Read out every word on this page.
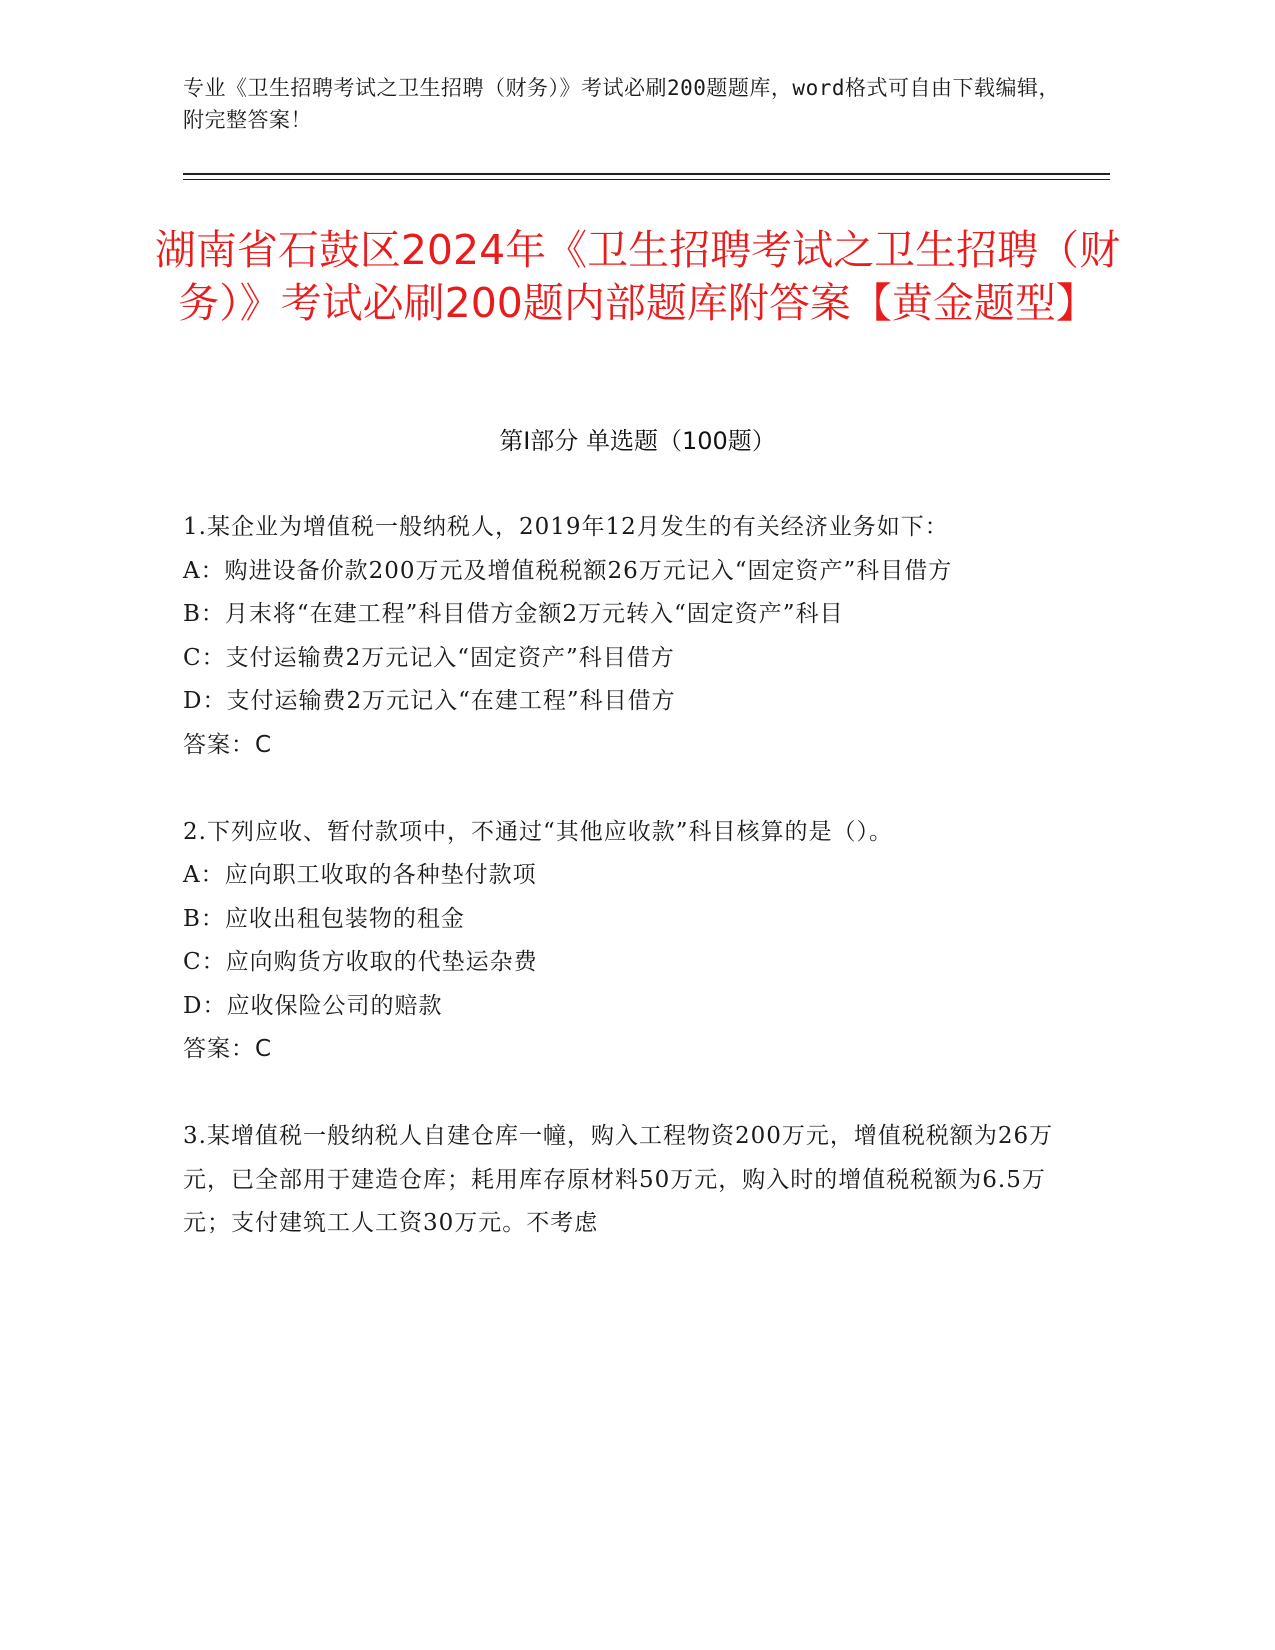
专业《卫生招聘考试之卫生招聘（财务）》考试必刷200题题库，word格式可自由下载编辑，附完整答案！
湖南省石鼓区2024年《卫生招聘考试之卫生招聘（财务）》考试必刷200题内部题库附答案【黄金题型】
第Ⅰ部分 单选题（100题）
1.某企业为增值税一般纳税人，2019年12月发生的有关经济业务如下：
A：购进设备价款200万元及增值税税额26万元记入“固定资产”科目借方
B：月末将“在建工程”科目借方金额2万元转入“固定资产”科目
C：支付运输费2万元记入“固定资产”科目借方
D：支付运输费2万元记入“在建工程”科目借方
答案：C
2.下列应收、暂付款项中，不通过“其他应收款”科目核算的是（）。
A：应向职工收取的各种垫付款项
B：应收出租包装物的租金
C：应向购货方收取的代垫运杂费
D：应收保险公司的赔款
答案：C
3.某增值税一般纳税人自建仓库一幢，购入工程物资200万元，增值税税额为26万元，已全部用于建造仓库；耗用库存原材料50万元，购入时的增值税税额为6.5万元；支付建筑工人工资30万元。不考虑
